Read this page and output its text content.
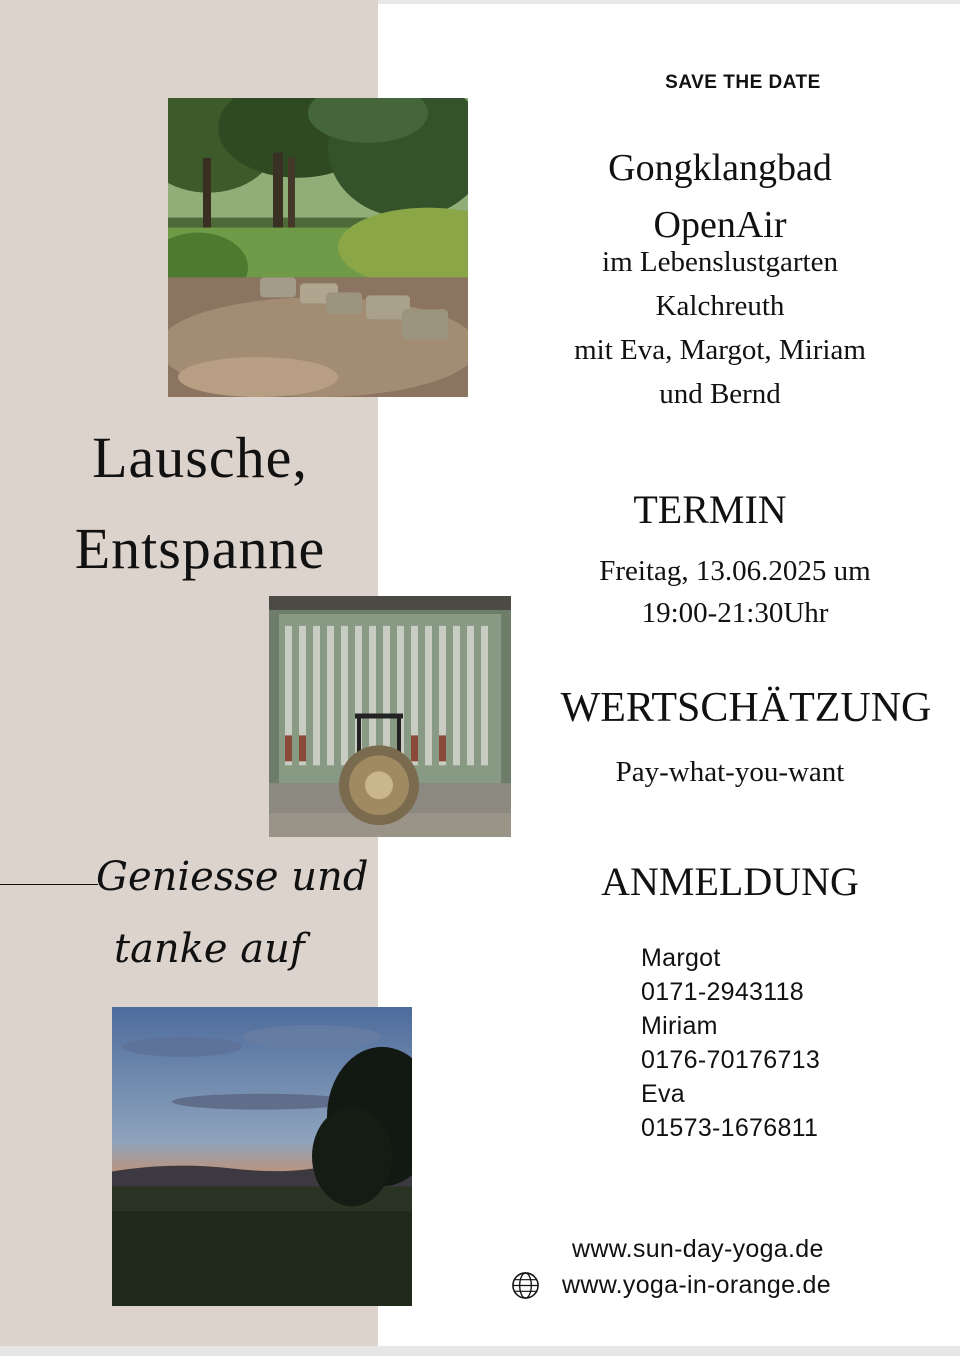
Lausche,
Entspanne
Geniesse und
tanke auf
SAVE THE DATE
Gongklangbad
OpenAir
im Lebenslustgarten
Kalchreuth
mit Eva, Margot, Miriam
und Bernd
TERMIN
Freitag, 13.06.2025 um
19:00-21:30Uhr
WERTSCHÄTZUNG
Pay-what-you-want
ANMELDUNG
Margot
0171-2943118
Miriam
0176-70176713
Eva
01573-1676811
www.sun-day-yoga.de
www.yoga-in-orange.de
